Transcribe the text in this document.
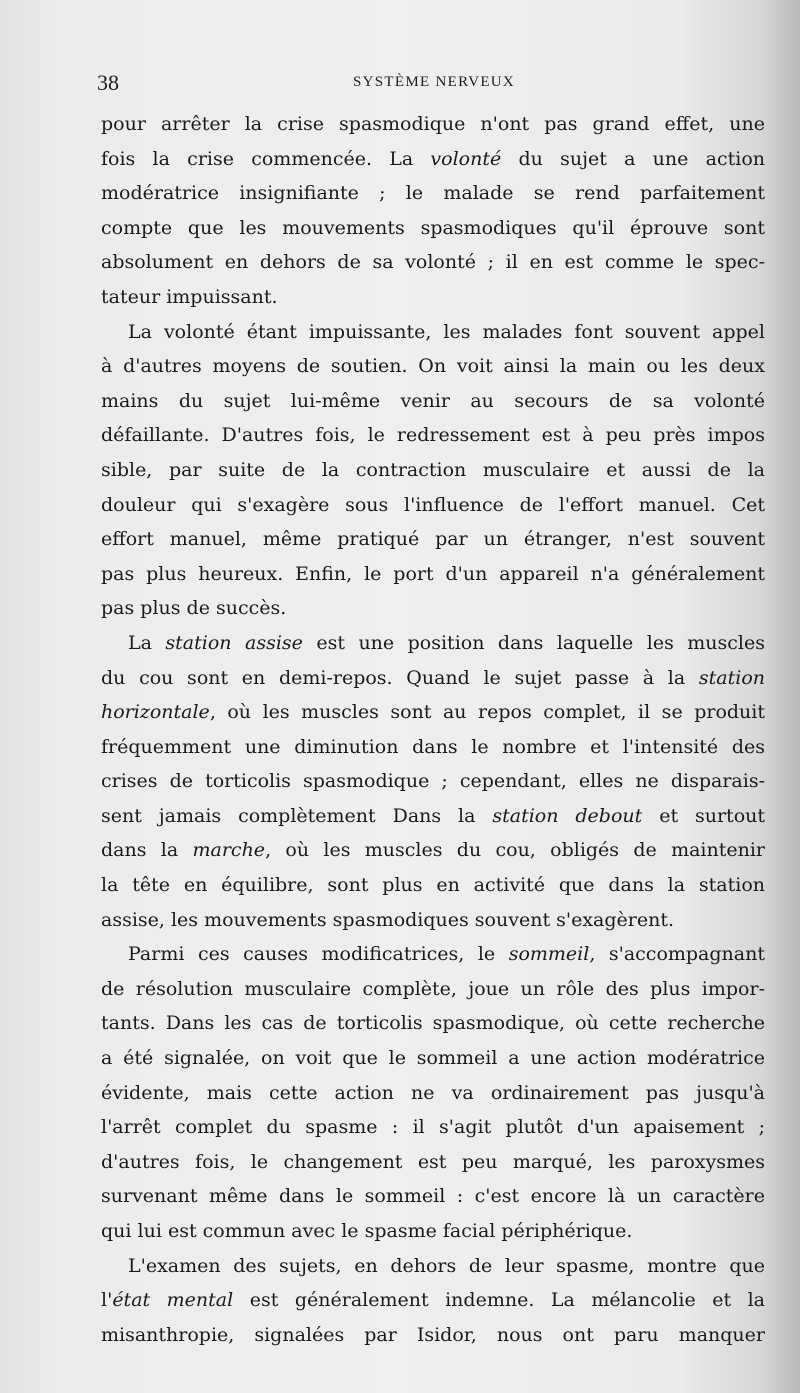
38	SYSTÈME NERVEUX
pour arrêter la crise spasmodique n'ont pas grand effet, une
fois la crise commencée. La volonté du sujet a une action
modératrice insignifiante ; le malade se rend parfaitement
compte que les mouvements spasmodiques qu'il éprouve sont
absolument en dehors de sa volonté ; il en est comme le spec-
tateur impuissant.
La volonté étant impuissante, les malades font souvent appel
à d'autres moyens de soutien. On voit ainsi la main ou les deux
mains du sujet lui-même venir au secours de sa volonté
défaillante. D'autres fois, le redressement est à peu près impos
sible, par suite de la contraction musculaire et aussi de la
douleur qui s'exagère sous l'influence de l'effort manuel. Cet
effort manuel, même pratiqué par un étranger, n'est souvent
pas plus heureux. Enfin, le port d'un appareil n'a généralement
pas plus de succès.
La station assise est une position dans laquelle les muscles
du cou sont en demi-repos. Quand le sujet passe à la station
horizontale, où les muscles sont au repos complet, il se produit
fréquemment une diminution dans le nombre et l'intensité des
crises de torticolis spasmodique ; cependant, elles ne disparais-
sent jamais complètement Dans la station debout et surtout
dans la marche, où les muscles du cou, obligés de maintenir
la tête en équilibre, sont plus en activité que dans la station
assise, les mouvements spasmodiques souvent s'exagèrent.
Parmi ces causes modificatrices, le sommeil, s'accompagnant
de résolution musculaire complète, joue un rôle des plus impor-
tants. Dans les cas de torticolis spasmodique, où cette recherche
a été signalée, on voit que le sommeil a une action modératrice
évidente, mais cette action ne va ordinairement pas jusqu'à
l'arrêt complet du spasme : il s'agit plutôt d'un apaisement ;
d'autres fois, le changement est peu marqué, les paroxysmes
survenant même dans le sommeil : c'est encore là un caractère
qui lui est commun avec le spasme facial périphérique.
L'examen des sujets, en dehors de leur spasme, montre que
l'état mental est généralement indemne. La mélancolie et la
misanthropie, signalées par Isidor, nous ont paru manquer
